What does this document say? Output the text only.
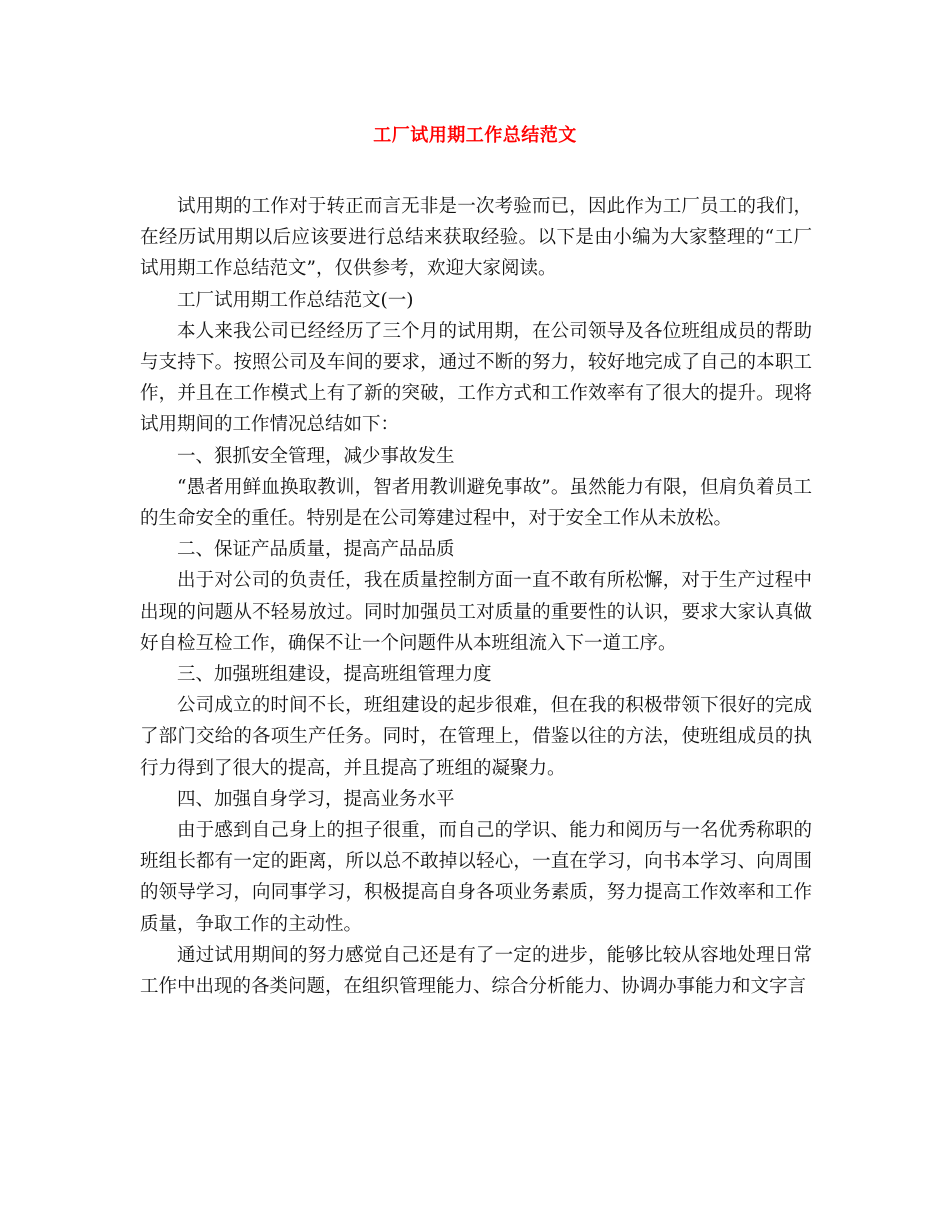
工厂试用期工作总结范文

试用期的工作对于转正而言无非是一次考验而已，因此作为工厂员工的我们，在经历试用期以后应该要进行总结来获取经验。以下是由小编为大家整理的“工厂试用期工作总结范文”，仅供参考，欢迎大家阅读。

工厂试用期工作总结范文(一)

本人来我公司已经经历了三个月的试用期，在公司领导及各位班组成员的帮助与支持下。按照公司及车间的要求，通过不断的努力，较好地完成了自己的本职工作，并且在工作模式上有了新的突破，工作方式和工作效率有了很大的提升。现将试用期间的工作情况总结如下：

一、狠抓安全管理，减少事故发生

“愚者用鲜血换取教训，智者用教训避免事故”。虽然能力有限，但肩负着员工的生命安全的重任。特别是在公司筹建过程中，对于安全工作从未放松。

二、保证产品质量，提高产品品质

出于对公司的负责任，我在质量控制方面一直不敢有所松懈，对于生产过程中出现的问题从不轻易放过。同时加强员工对质量的重要性的认识，要求大家认真做好自检互检工作，确保不让一个问题件从本班组流入下一道工序。

三、加强班组建设，提高班组管理力度

公司成立的时间不长，班组建设的起步很难，但在我的积极带领下很好的完成了部门交给的各项生产任务。同时，在管理上，借鉴以往的方法，使班组成员的执行力得到了很大的提高，并且提高了班组的凝聚力。

四、加强自身学习，提高业务水平

由于感到自己身上的担子很重，而自己的学识、能力和阅历与一名优秀称职的班组长都有一定的距离，所以总不敢掉以轻心，一直在学习，向书本学习、向周围的领导学习，向同事学习，积极提高自身各项业务素质，努力提高工作效率和工作质量，争取工作的主动性。

通过试用期间的努力感觉自己还是有了一定的进步，能够比较从容地处理日常工作中出现的各类问题，在组织管理能力、综合分析能力、协调办事能力和文字言
